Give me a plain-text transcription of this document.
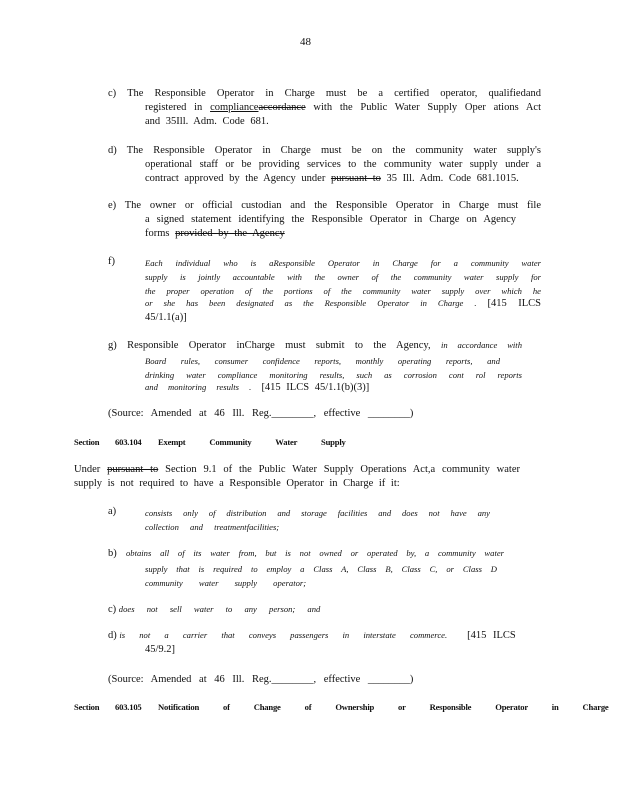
48
c) The Responsible Operator in Charge must be a certified operator, qualifiedand
registered in complianceaccordance with the Public Water Supply Oper ations Act
and 35Ill. Adm. Code 681.
d) The Responsible Operator in Charge must be on the community water supply's
operational staff or be providing services to the community water supply under a
contract approved by the Agency under pursuant to 35 Ill. Adm. Code 681.1015.
e) The owner or official custodian and the Responsible Operator in Charge must file
a signed statement identifying the Responsible Operator in Charge on Agency
forms provided by the Agency
f)	Each individual who is aResponsible Operator in Charge for a community water
supply is jointly accountable with the owner of the community water supply for
the proper operation of the portions of the community water supply over which he
or she has been designated as the Responsible Operator in Charge . [415 ILCS
45/1.1(a)]
g) Responsible Operator inCharge must submit to the Agency, in accordance with
Board rules, consumer confidence reports, monthly operating reports, and
drinking water compliance monitoring results, such as corrosion cont rol reports
and monitoring results . [415 ILCS 45/1.1(b)(3)]
(Source: Amended at 46 Ill. Reg.________, effective ________)
Section 603.104 Exempt Community Water Supply
Under pursuant to Section 9.1 of the Public Water Supply Operations Act,a community water
supply is not required to have a Responsible Operator in Charge if it:
a)	consists only of distribution and storage facilities and does not have any
collection and treatmentfacilities;
b) obtains all of its water from, but is not owned or operated by, a community water
supply that is required to employ a Class A, Class B, Class C, or Class D
community water supply operator;
c) does not sell water to any person; and
d) is not a carrier that conveys passengers in interstate commerce. [415 ILCS
45/9.2]
(Source: Amended at 46 Ill. Reg.________, effective ________)
Section 603.105 Notification of Change of Ownership or Responsible Operator in Charge
